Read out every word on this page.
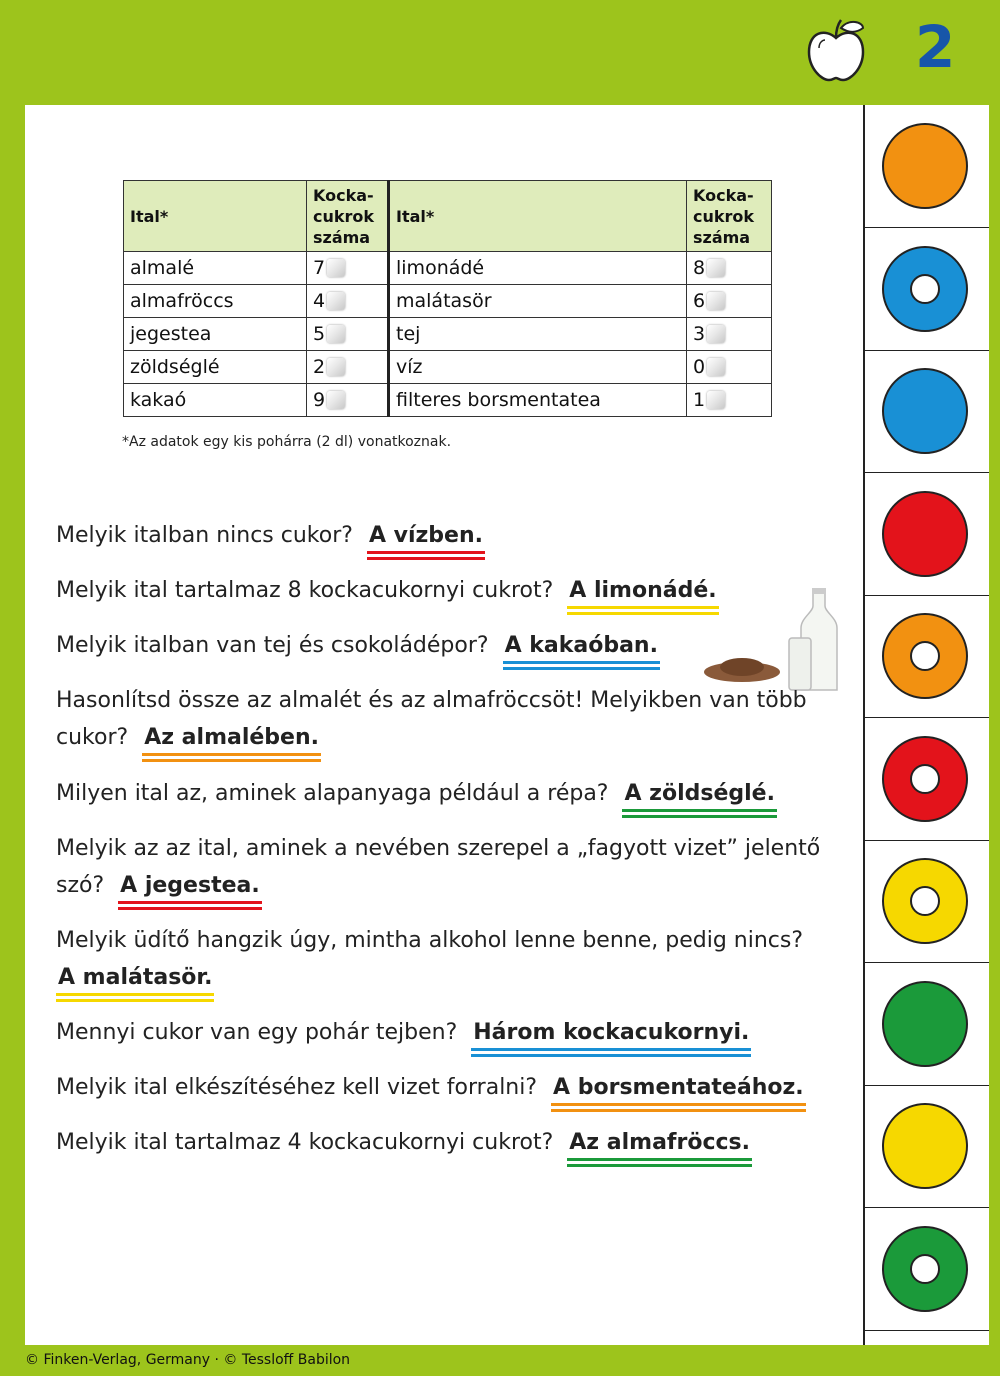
2
Ital*	Kocka-
cukrok
száma	Ital*	Kocka-
cukrok
száma
almalé	7	limonádé	8
almafröccs	4	malátasör	6
jegestea	5	tej	3
zöldséglé	2	víz	0
kakaó	9	filteres borsmentatea	1
*Az adatok egy kis pohárra (2 dl) vonatkoznak.
Melyik italban nincs cukor? A vízben.
Melyik ital tartalmaz 8 kockacukornyi cukrot? A limonádé.
Melyik italban van tej és csokoládépor? A kakaóban.
Hasonlítsd össze az almalét és az almafröccsöt! Melyikben van több cukor? Az almalében.
Milyen ital az, aminek alapanyaga például a répa? A zöldséglé.
Melyik az az ital, aminek a nevében szerepel a „fagyott vizet” jelentő szó? A jegestea.
Melyik üdítő hangzik úgy, mintha alkohol lenne benne, pedig nincs?  A malátasör.
Mennyi cukor van egy pohár tejben? Három kockacukornyi.
Melyik ital elkészítéséhez kell vizet forralni? A borsmentateához.
Melyik ital tartalmaz 4 kockacukornyi cukrot? Az almafröccs.
© Finken-Verlag, Germany · © Tessloff Babilon
